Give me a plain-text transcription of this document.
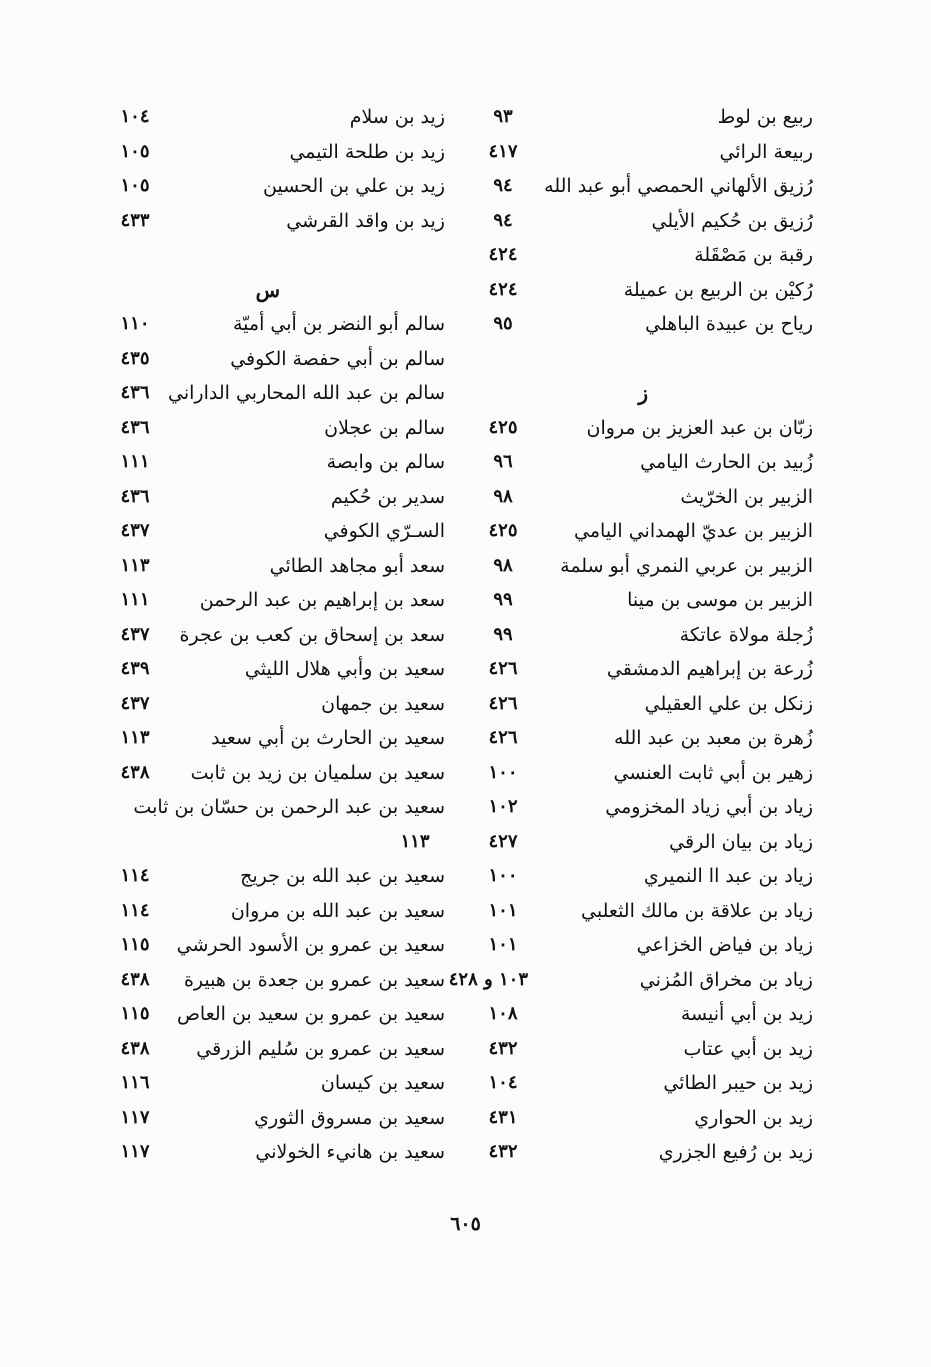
ربيع بن لوط
٩٣
ربيعة الرائي
٤١٧
رُزيق الألهاني الحمصي أبو عبد الله
٩٤
رُزيق بن حُكيم الأيلي
٩٤
رقبة بن مَصْقَلة
٤٢٤
رُكيْن بن الربيع بن عميلة
٤٢٤
رياح بن عبيدة الباهلي
٩٥
ز
زبّان بن عبد العزيز بن مروان
٤٢٥
زُبيد بن الحارث اليامي
٩٦
الزبير بن الخرّيث
٩٨
الزبير بن عديّ الهمداني اليامي
٤٢٥
الزبير بن عربي النمري أبو سلمة
٩٨
الزبير بن موسى بن مينا
٩٩
زُجلة مولاة عاتكة
٩٩
زُرعة بن إبراهيم الدمشقي
٤٢٦
زنكل بن علي العقيلي
٤٢٦
زُهرة بن معبد بن عبد الله
٤٢٦
زهير بن أبي ثابت العنسي
١٠٠
زياد بن أبي زياد المخزومي
١٠٢
زياد بن بيان الرقي
٤٢٧
زياد بن عبد اا النميري
١٠٠
زياد بن علاقة بن مالك الثعلبي
١٠١
زياد بن فياض الخزاعي
١٠١
زياد بن مخراق المُزني
١٠٣ و ٤٢٨
زيد بن أبي أنيسة
١٠٨
زيد بن أبي عتاب
٤٣٢
زيد بن حيبر الطائي
١٠٤
زيد بن الحواري
٤٣١
زيد بن رُفيع الجزري
٤٣٢
زيد بن سلام
١٠٤
زيد بن طلحة التيمي
١٠٥
زيد بن علي بن الحسين
١٠٥
زيد بن واقد القرشي
٤٣٣
س
سالم أبو النضر بن أبي أميّة
١١٠
سالم بن أبي حفصة الكوفي
٤٣٥
سالم بن عبد الله المحاربي الداراني
٤٣٦
سالم بن عجلان
٤٣٦
سالم بن وابصة
١١١
سدير بن حُكيم
٤٣٦
السـرّي الكوفي
٤٣٧
سعد أبو مجاهد الطائي
١١٣
سعد بن إبراهيم بن عبد الرحمن
١١١
سعد بن إسحاق بن كعب بن عجرة
٤٣٧
سعيد بن وأبي هلال الليثي
٤٣٩
سعيد بن جمهان
٤٣٧
سعيد بن الحارث بن أبي سعيد
١١٣
سعيد بن سلميان بن زيد بن ثابت
٤٣٨
سعيد بن عبد الرحمن بن حسّان بن ثابت
١١٣
سعيد بن عبد الله بن جريج
١١٤
سعيد بن عبد الله بن مروان
١١٤
سعيد بن عمرو بن الأسود الحرشي
١١٥
سعيد بن عمرو بن جعدة بن هبيرة
٤٣٨
سعيد بن عمرو بن سعيد بن العاص
١١٥
سعيد بن عمرو بن سُليم الزرقي
٤٣٨
سعيد بن كيسان
١١٦
سعيد بن مسروق الثوري
١١٧
سعيد بن هانيء الخولاني
١١٧
٦٠٥
